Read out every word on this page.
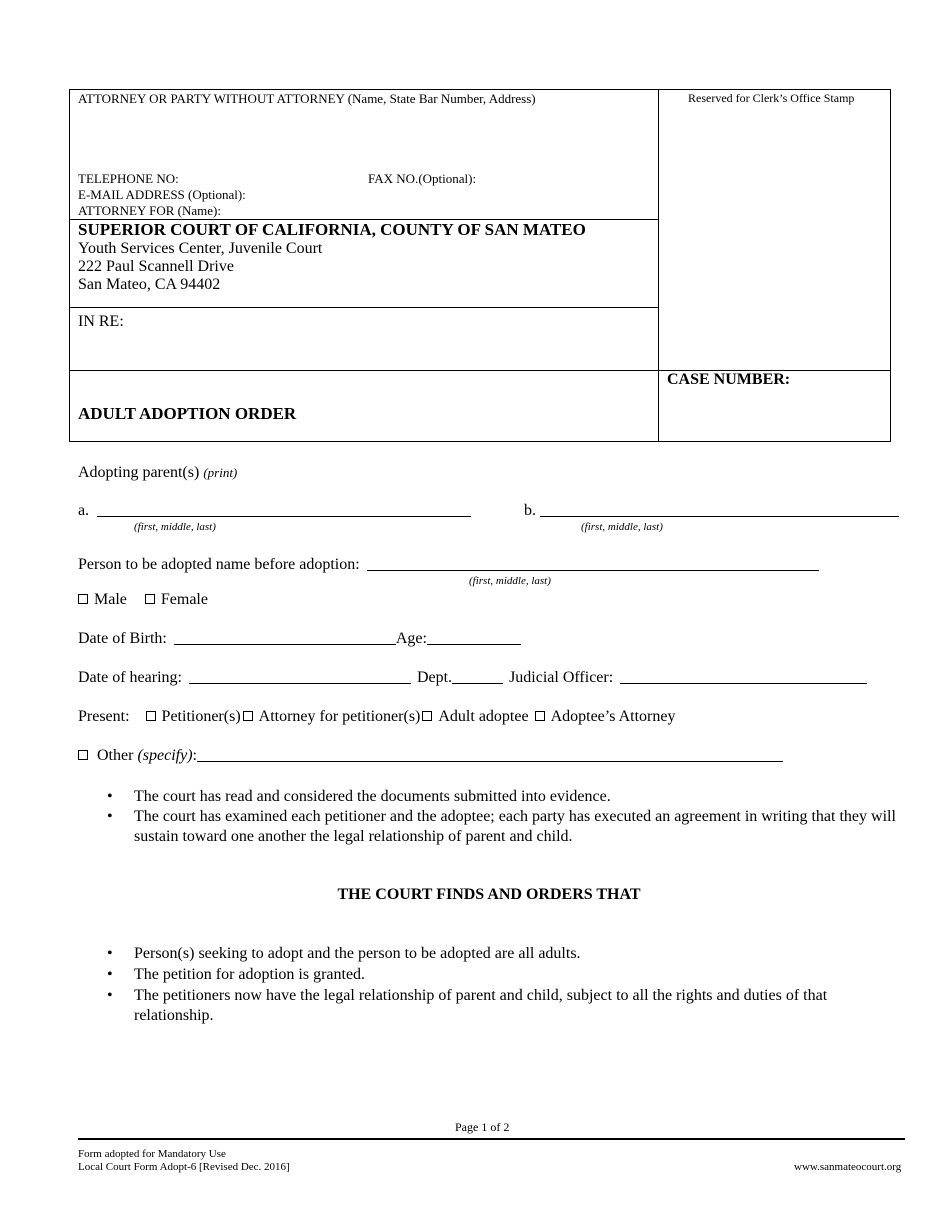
ATTORNEY OR PARTY WITHOUT ATTORNEY (Name, State Bar Number, Address)	Reserved for Clerk’s Office Stamp
TELEPHONE NO:	FAX NO.(Optional):
E-MAIL ADDRESS (Optional):
ATTORNEY FOR (Name):
SUPERIOR COURT OF CALIFORNIA, COUNTY OF SAN MATEO
Youth Services Center, Juvenile Court
222 Paul Scannell Drive
San Mateo, CA 94402
IN RE:
CASE NUMBER:
ADULT ADOPTION ORDER
Adopting parent(s) (print)
a.
(first, middle, last)
b.
(first, middle, last)
Person to be adopted name before adoption:
(first, middle, last)
Male Female
Date of Birth:	Age:
Date of hearing:	Dept.	Judicial Officer:
Present: Petitioner(s) Attorney for petitioner(s) Adult adoptee Adoptee’s Attorney
Other (specify):
• The court has read and considered the documents submitted into evidence.
• The court has examined each petitioner and the adoptee; each party has executed an agreement in writing that they will sustain toward one another the legal relationship of parent and child.
THE COURT FINDS AND ORDERS THAT
• Person(s) seeking to adopt and the person to be adopted are all adults.
• The petition for adoption is granted.
• The petitioners now have the legal relationship of parent and child, subject to all the rights and duties of that relationship.
Page 1 of 2
Form adopted for Mandatory Use
Local Court Form Adopt-6 [Revised Dec. 2016]	www.sanmateocourt.org
